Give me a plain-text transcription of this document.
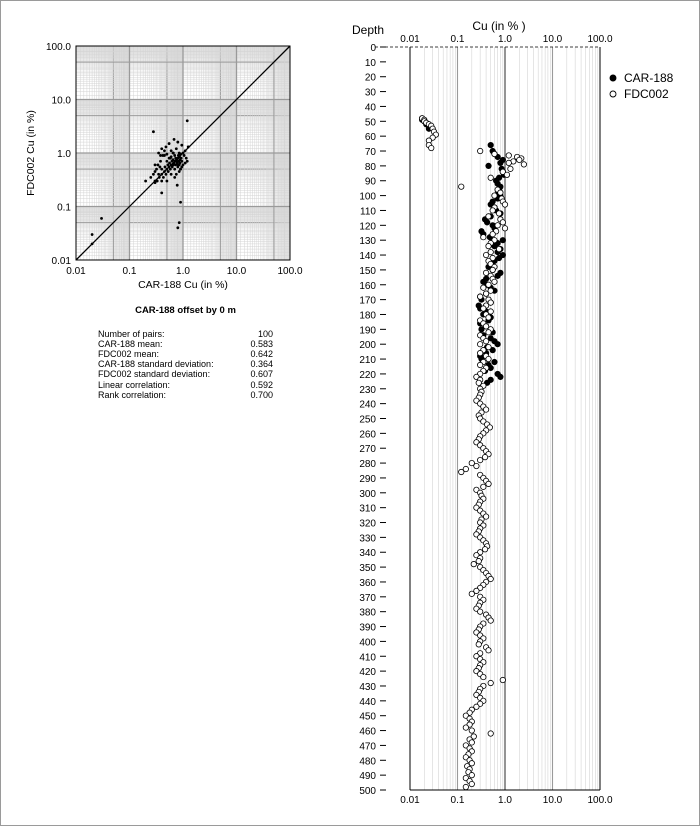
0.01	0.1	1.0	10.0	100.0
0.01
0.1
1.0
10.0
100.0
CAR-188 Cu (in %)
FDC002 Cu (in %)
0.01
0.01
0.1
0.1
1.0
1.0
10.0
10.0
100.0
100.0
0
10
20
30
40
50
60
70
80
90
100
110
120
130
140
150
160
170
180
190
200
210
220
230
240
250
260
270
280
290
300
310
320
330
340
350
360
370
380
390
400
410
420
430
440
450
460
470
480
490
500
Depth	Cu (in % )
CAR-188
FDC002
CAR-188 offset by 0 m
Number of pairs:	100
CAR-188 mean:	0.583
FDC002 mean:	0.642
CAR-188 standard deviation:	0.364
FDC002 standard deviation:	0.607
Linear correlation:	0.592
Rank correlation:	0.700
